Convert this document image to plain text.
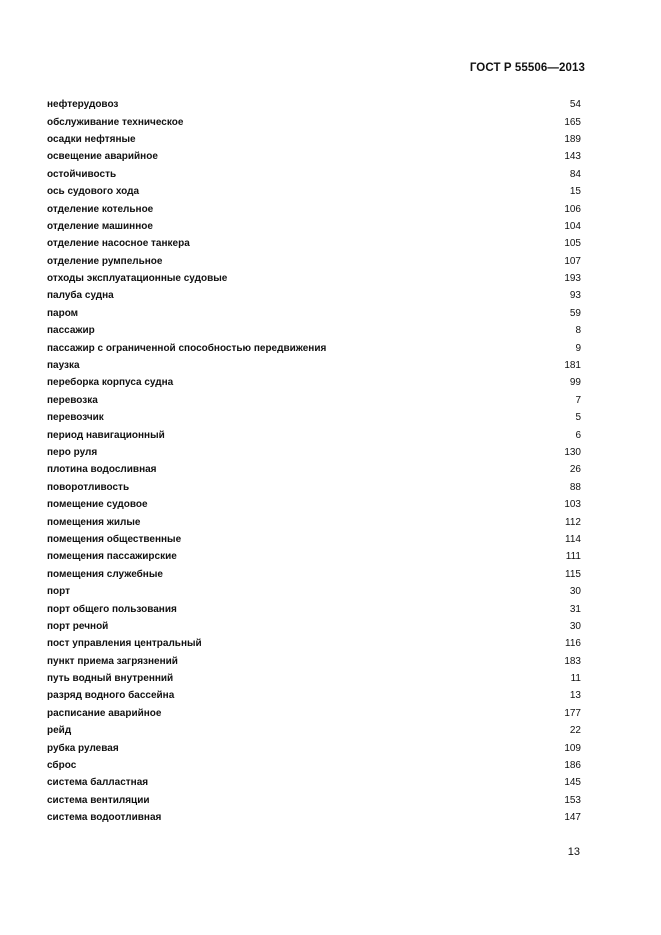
ГОСТ Р 55506—2013
нефтерудовоз	54
обслуживание техническое	165
осадки нефтяные	189
освещение аварийное	143
остойчивость	84
ось судового хода	15
отделение котельное	106
отделение машинное	104
отделение насосное танкера	105
отделение румпельное	107
отходы эксплуатационные судовые	193
палуба судна	93
паром	59
пассажир	8
пассажир с ограниченной способностью передвижения	9
паузка	181
переборка корпуса судна	99
перевозка	7
перевозчик	5
период навигационный	6
перо руля	130
плотина водосливная	26
поворотливость	88
помещение судовое	103
помещения жилые	112
помещения общественные	114
помещения пассажирские	111
помещения служебные	115
порт	30
порт общего пользования	31
порт речной	30
пост управления центральный	116
пункт приема загрязнений	183
путь водный внутренний	11
разряд водного бассейна	13
расписание аварийное	177
рейд	22
рубка рулевая	109
сброс	186
система балластная	145
система вентиляции	153
система водоотливная	147
13
